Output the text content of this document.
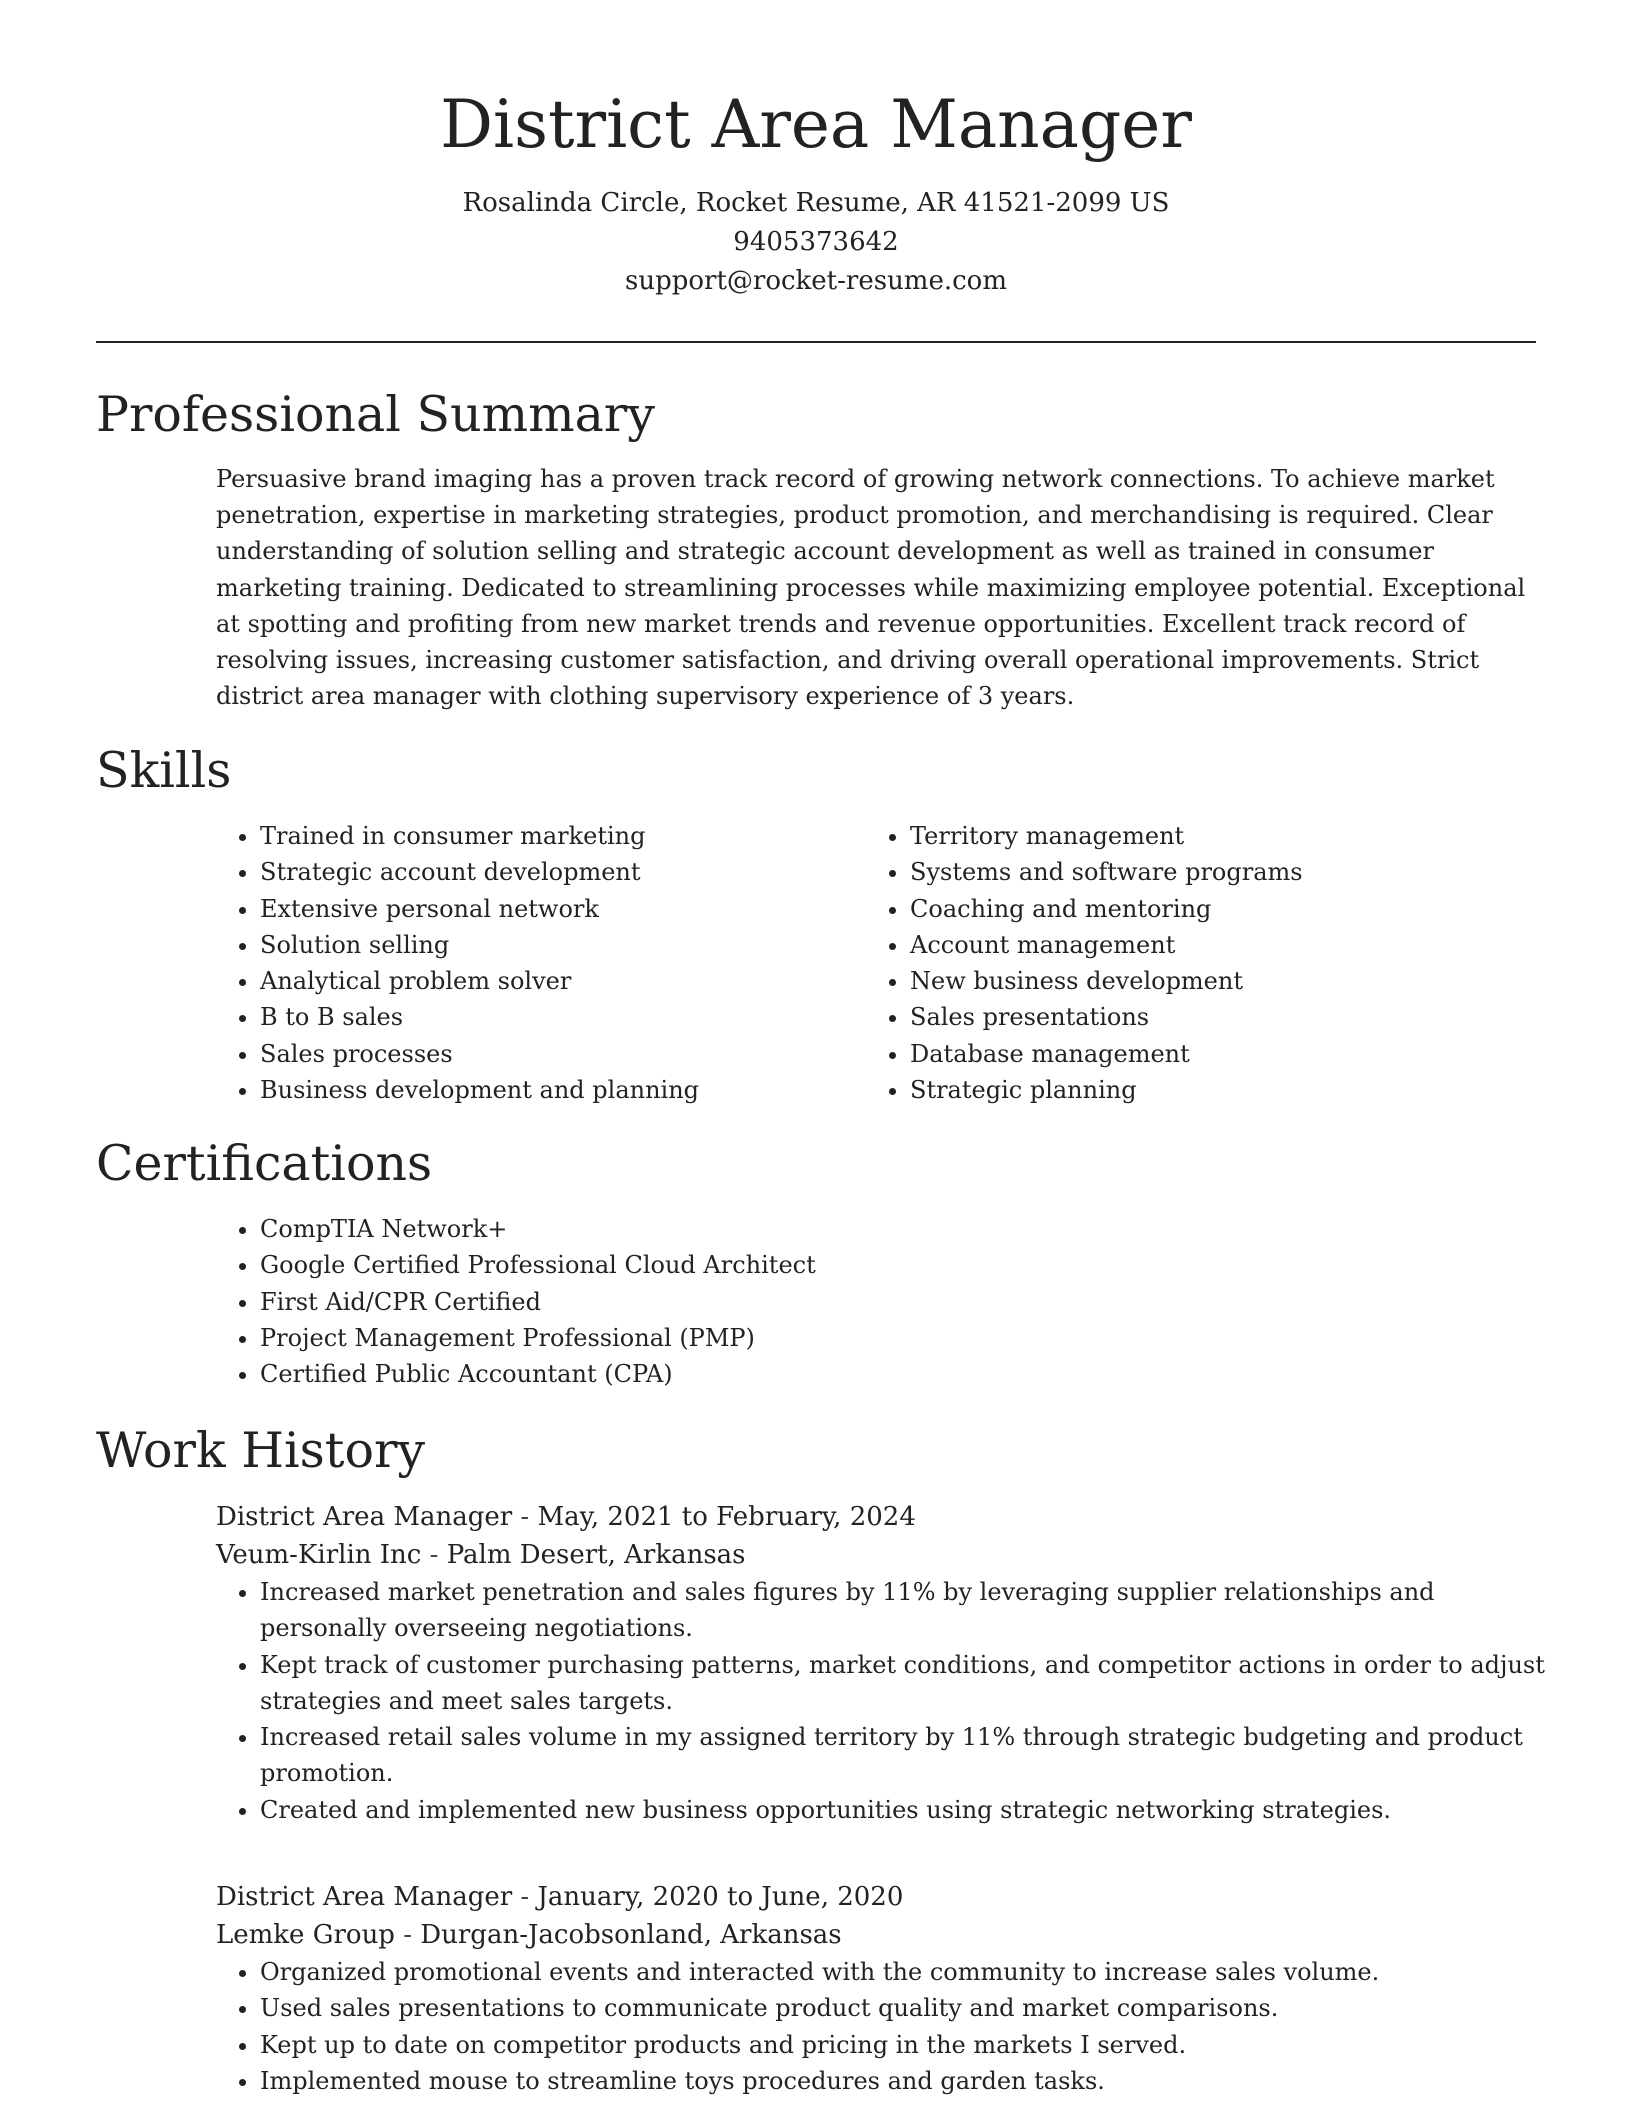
District Area Manager
Rosalinda Circle, Rocket Resume, AR 41521-2099 US
9405373642
support@rocket-resume.com
Professional Summary

Persuasive brand imaging has a proven track record of growing network connections. To achieve market penetration, expertise in marketing strategies, product promotion, and merchandising is required. Clear understanding of solution selling and strategic account development as well as trained in consumer marketing training. Dedicated to streamlining processes while maximizing employee potential. Exceptional at spotting and profiting from new market trends and revenue opportunities. Excellent track record of resolving issues, increasing customer satisfaction, and driving overall operational improvements. Strict district area manager with clothing supervisory experience of 3 years.

Skills
• Trained in consumer marketing
• Strategic account development
• Extensive personal network
• Solution selling
• Analytical problem solver
• B to B sales
• Sales processes
• Business development and planning
• Territory management
• Systems and software programs
• Coaching and mentoring
• Account management
• New business development
• Sales presentations
• Database management
• Strategic planning
Certifications
• CompTIA Network+
• Google Certified Professional Cloud Architect
• First Aid/CPR Certified
• Project Management Professional (PMP)
• Certified Public Accountant (CPA)
Work History
District Area Manager - May, 2021 to February, 2024
Veum-Kirlin Inc - Palm Desert, Arkansas
• Increased market penetration and sales figures by 11% by leveraging supplier relationships and personally overseeing negotiations.
• Kept track of customer purchasing patterns, market conditions, and competitor actions in order to adjust strategies and meet sales targets.
• Increased retail sales volume in my assigned territory by 11% through strategic budgeting and product promotion.
• Created and implemented new business opportunities using strategic networking strategies.
District Area Manager - January, 2020 to June, 2020
Lemke Group - Durgan-Jacobsonland, Arkansas
• Organized promotional events and interacted with the community to increase sales volume.
• Used sales presentations to communicate product quality and market comparisons.
• Kept up to date on competitor products and pricing in the markets I served.
• Implemented mouse to streamline toys procedures and garden tasks.
